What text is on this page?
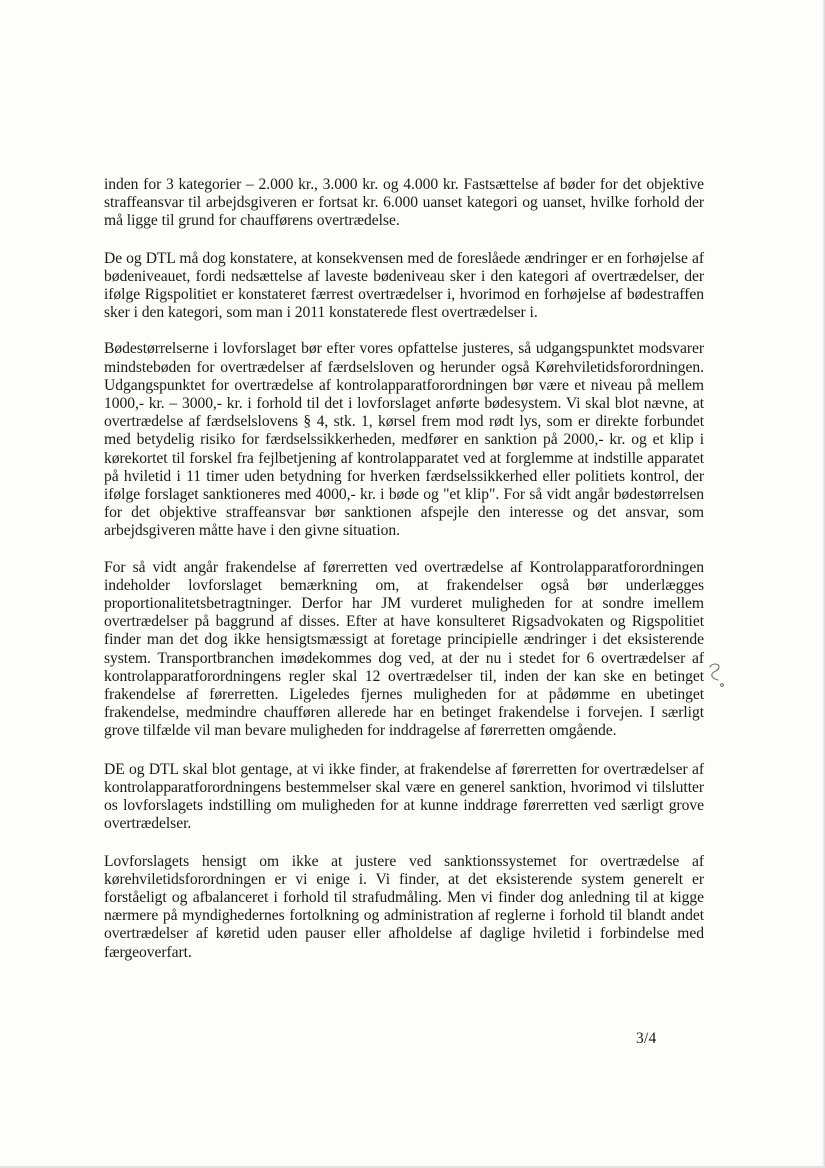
inden for 3 kategorier – 2.000 kr., 3.000 kr. og 4.000 kr. Fastsættelse af bøder for det objektive straffeansvar til arbejdsgiveren er fortsat kr. 6.000 uanset kategori og uanset, hvilke forhold der må ligge til grund for chaufførens overtrædelse.

De og DTL må dog konstatere, at konsekvensen med de foreslåede ændringer er en forhøjelse af bødeniveauet, fordi nedsættelse af laveste bødeniveau sker i den kategori af overtrædelser, der ifølge Rigspolitiet er konstateret færrest overtrædelser i, hvorimod en forhøjelse af bødestraffen sker i den kategori, som man i 2011 konstaterede flest overtrædelser i.

Bødestørrelserne i lovforslaget bør efter vores opfattelse justeres, så udgangspunktet modsvarer mindstebøden for overtrædelser af færdselsloven og herunder også Kørehviletidsforordningen. Udgangspunktet for overtrædelse af kontrolapparatforordningen bør være et niveau på mellem 1000,- kr. – 3000,- kr. i forhold til det i lovforslaget anførte bødesystem. Vi skal blot nævne, at overtrædelse af færdselslovens § 4, stk. 1, kørsel frem mod rødt lys, som er direkte forbundet med betydelig risiko for færdselssikkerheden, medfører en sanktion på 2000,- kr. og et klip i kørekortet til forskel fra fejlbetjening af kontrolapparatet ved at forglemme at indstille apparatet på hviletid i 11 timer uden betydning for hverken færdselssikkerhed eller politiets kontrol, der ifølge forslaget sanktioneres med 4000,- kr. i bøde og "et klip". For så vidt angår bødestørrelsen for det objektive straffeansvar bør sanktionen afspejle den interesse og det ansvar, som arbejdsgiveren måtte have i den givne situation.

For så vidt angår frakendelse af førerretten ved overtrædelse af Kontrolapparatforordningen indeholder lovforslaget bemærkning om, at frakendelser også bør underlægges proportionalitetsbetragtninger. Derfor har JM vurderet muligheden for at sondre imellem overtrædelser på baggrund af disses. Efter at have konsulteret Rigsadvokaten og Rigspolitiet finder man det dog ikke hensigtsmæssigt at foretage principielle ændringer i det eksisterende system. Transportbranchen imødekommes dog ved, at der nu i stedet for 6 overtrædelser af kontrolapparatforordningens regler skal 12 overtrædelser til, inden der kan ske en betinget frakendelse af førerretten. Ligeledes fjernes muligheden for at pådømme en ubetinget frakendelse, medmindre chaufføren allerede har en betinget frakendelse i forvejen. I særligt grove tilfælde vil man bevare muligheden for inddragelse af førerretten omgående.

DE og DTL skal blot gentage, at vi ikke finder, at frakendelse af førerretten for overtrædelser af kontrolapparatforordningens bestemmelser skal være en generel sanktion, hvorimod vi tilslutter os lovforslagets indstilling om muligheden for at kunne inddrage førerretten ved særligt grove overtrædelser.

Lovforslagets hensigt om ikke at justere ved sanktionssystemet for overtrædelse af kørehviletidsforordningen er vi enige i. Vi finder, at det eksisterende system generelt er forståeligt og afbalanceret i forhold til strafudmåling. Men vi finder dog anledning til at kigge nærmere på myndighedernes fortolkning og administration af reglerne i forhold til blandt andet overtrædelser af køretid uden pauser eller afholdelse af daglige hviletid i forbindelse med færgeoverfart.

3/4
